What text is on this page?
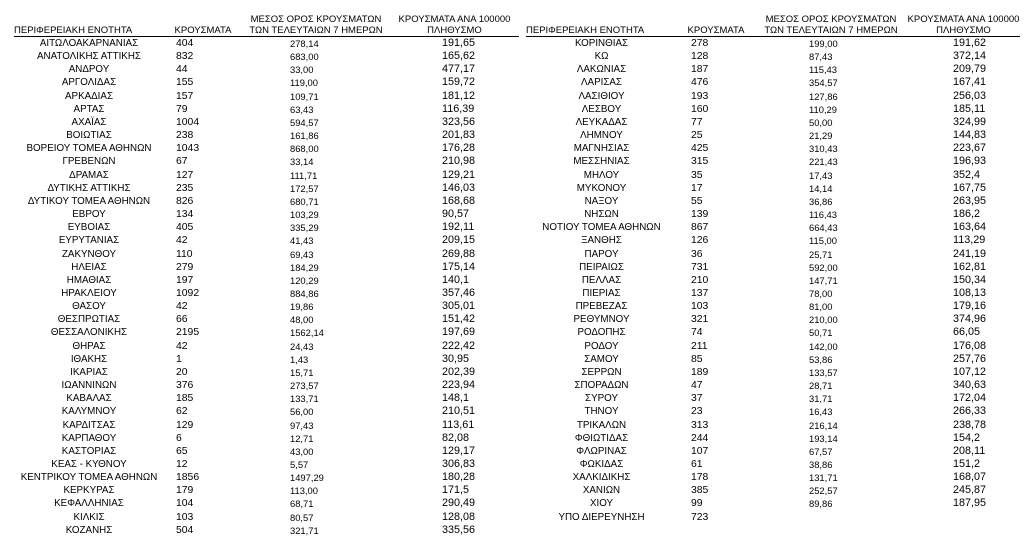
ΠΕΡΙΦΕΡΕΙΑΚΗ ΕΝΟΤΗΤΑ	ΚΡΟΥΣΜΑΤΑ	ΜΕΣΟΣ ΟΡΟΣ ΚΡΟΥΣΜΑΤΩΝ ΤΩΝ ΤΕΛΕΥΤΑΙΩΝ 7 ΗΜΕΡΩΝ	ΚΡΟΥΣΜΑΤΑ ΑΝΑ 100000 ΠΛΗΘΥΣΜΟ
ΑΙΤΩΛΟΑΚΑΡΝΑΝΙΑΣ	404	278,14	191,65
ΑΝΑΤΟΛΙΚΗΣ ΑΤΤΙΚΗΣ	832	683,00	165,62
ΑΝΔΡΟΥ	44	33,00	477,17
ΑΡΓΟΛΙΔΑΣ	155	119,00	159,72
ΑΡΚΑΔΙΑΣ	157	109,71	181,12
ΑΡΤΑΣ	79	63,43	116,39
ΑΧΑΪΑΣ	1004	594,57	323,56
ΒΟΙΩΤΙΑΣ	238	161,86	201,83
ΒΟΡΕΙΟΥ ΤΟΜΕΑ ΑΘΗΝΩΝ	1043	868,00	176,28
ΓΡΕΒΕΝΩΝ	67	33,14	210,98
ΔΡΑΜΑΣ	127	111,71	129,21
ΔΥΤΙΚΗΣ ΑΤΤΙΚΗΣ	235	172,57	146,03
ΔΥΤΙΚΟΥ ΤΟΜΕΑ ΑΘΗΝΩΝ	826	680,71	168,68
ΕΒΡΟΥ	134	103,29	90,57
ΕΥΒΟΙΑΣ	405	335,29	192,11
ΕΥΡΥΤΑΝΙΑΣ	42	41,43	209,15
ΖΑΚΥΝΘΟΥ	110	69,43	269,88
ΗΛΕΙΑΣ	279	184,29	175,14
ΗΜΑΘΙΑΣ	197	120,29	140,1
ΗΡΑΚΛΕΙΟΥ	1092	884,86	357,46
ΘΑΣΟΥ	42	19,86	305,01
ΘΕΣΠΡΩΤΙΑΣ	66	48,00	151,42
ΘΕΣΣΑΛΟΝΙΚΗΣ	2195	1562,14	197,69
ΘΗΡΑΣ	42	24,43	222,42
ΙΘΑΚΗΣ	1	1,43	30,95
ΙΚΑΡΙΑΣ	20	15,71	202,39
ΙΩΑΝΝΙΝΩΝ	376	273,57	223,94
ΚΑΒΑΛΑΣ	185	133,71	148,1
ΚΑΛΥΜΝΟΥ	62	56,00	210,51
ΚΑΡΔΙΤΣΑΣ	129	97,43	113,61
ΚΑΡΠΑΘΟΥ	6	12,71	82,08
ΚΑΣΤΟΡΙΑΣ	65	43,00	129,17
ΚΕΑΣ - ΚΥΘΝΟΥ	12	5,57	306,83
ΚΕΝΤΡΙΚΟΥ ΤΟΜΕΑ ΑΘΗΝΩΝ	1856	1497,29	180,28
ΚΕΡΚΥΡΑΣ	179	113,00	171,5
ΚΕΦΑΛΛΗΝΙΑΣ	104	68,71	290,49
ΚΙΛΚΙΣ	103	80,57	128,08
ΚΟΖΑΝΗΣ	504	321,71	335,56
ΠΕΡΙΦΕΡΕΙΑΚΗ ΕΝΟΤΗΤΑ	ΚΡΟΥΣΜΑΤΑ	ΜΕΣΟΣ ΟΡΟΣ ΚΡΟΥΣΜΑΤΩΝ ΤΩΝ ΤΕΛΕΥΤΑΙΩΝ 7 ΗΜΕΡΩΝ	ΚΡΟΥΣΜΑΤΑ ΑΝΑ 100000 ΠΛΗΘΥΣΜΟ
ΚΟΡΙΝΘΙΑΣ	278	199,00	191,62
ΚΩ	128	87,43	372,14
ΛΑΚΩΝΙΑΣ	187	115,43	209,79
ΛΑΡΙΣΑΣ	476	354,57	167,41
ΛΑΣΙΘΙΟΥ	193	127,86	256,03
ΛΕΣΒΟΥ	160	110,29	185,11
ΛΕΥΚΑΔΑΣ	77	50,00	324,99
ΛΗΜΝΟΥ	25	21,29	144,83
ΜΑΓΝΗΣΙΑΣ	425	310,43	223,67
ΜΕΣΣΗΝΙΑΣ	315	221,43	196,93
ΜΗΛΟΥ	35	17,43	352,4
ΜΥΚΟΝΟΥ	17	14,14	167,75
ΝΑΞΟΥ	55	36,86	263,95
ΝΗΣΩΝ	139	116,43	186,2
ΝΟΤΙΟΥ ΤΟΜΕΑ ΑΘΗΝΩΝ	867	664,43	163,64
ΞΑΝΘΗΣ	126	115,00	113,29
ΠΑΡΟΥ	36	25,71	241,19
ΠΕΙΡΑΙΩΣ	731	592,00	162,81
ΠΕΛΛΑΣ	210	147,71	150,34
ΠΙΕΡΙΑΣ	137	78,00	108,13
ΠΡΕΒΕΖΑΣ	103	81,00	179,16
ΡΕΘΥΜΝΟΥ	321	210,00	374,96
ΡΟΔΟΠΗΣ	74	50,71	66,05
ΡΟΔΟΥ	211	142,00	176,08
ΣΑΜΟΥ	85	53,86	257,76
ΣΕΡΡΩΝ	189	133,57	107,12
ΣΠΟΡΑΔΩΝ	47	28,71	340,63
ΣΥΡΟΥ	37	31,71	172,04
ΤΗΝΟΥ	23	16,43	266,33
ΤΡΙΚΑΛΩΝ	313	216,14	238,78
ΦΘΙΩΤΙΔΑΣ	244	193,14	154,2
ΦΛΩΡΙΝΑΣ	107	67,57	208,11
ΦΩΚΙΔΑΣ	61	38,86	151,2
ΧΑΛΚΙΔΙΚΗΣ	178	131,71	168,07
ΧΑΝΙΩΝ	385	252,57	245,87
ΧΙΟΥ	99	89,86	187,95
ΥΠΟ ΔΙΕΡΕΥΝΗΣΗ	723		
